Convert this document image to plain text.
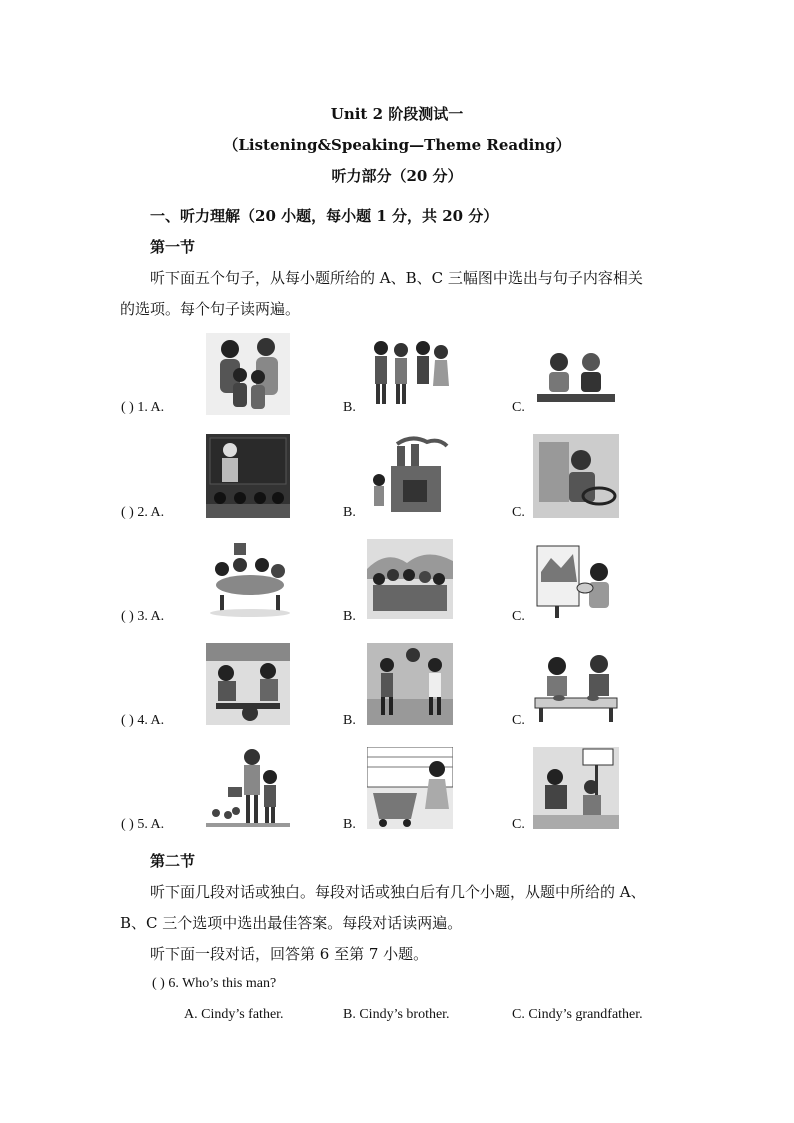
Unit 2 阶段测试一
（Listening&Speaking—Theme Reading）
听力部分（20 分）
一、听力理解（20 小题，每小题 1 分，共 20 分）
第一节
听下面五个句子，从每小题所给的 A、B、C 三幅图中选出与句子内容相关
的选项。每个句子读两遍。
( ) 1. A.	B.	C.
( ) 2. A.	B.	C.
( ) 3. A.	B.	C.
( ) 4. A.	B.	C.
( ) 5. A.	B.	C.
第二节
听下面几段对话或独白。每段对话或独白后有几个小题，从题中所给的 A、
B、C 三个选项中选出最佳答案。每段对话读两遍。
听下面一段对话，回答第 6 至第 7 小题。
( ) 6. Who’s this man?
A. Cindy’s father.	B. Cindy’s brother.	C. Cindy’s grandfather.
